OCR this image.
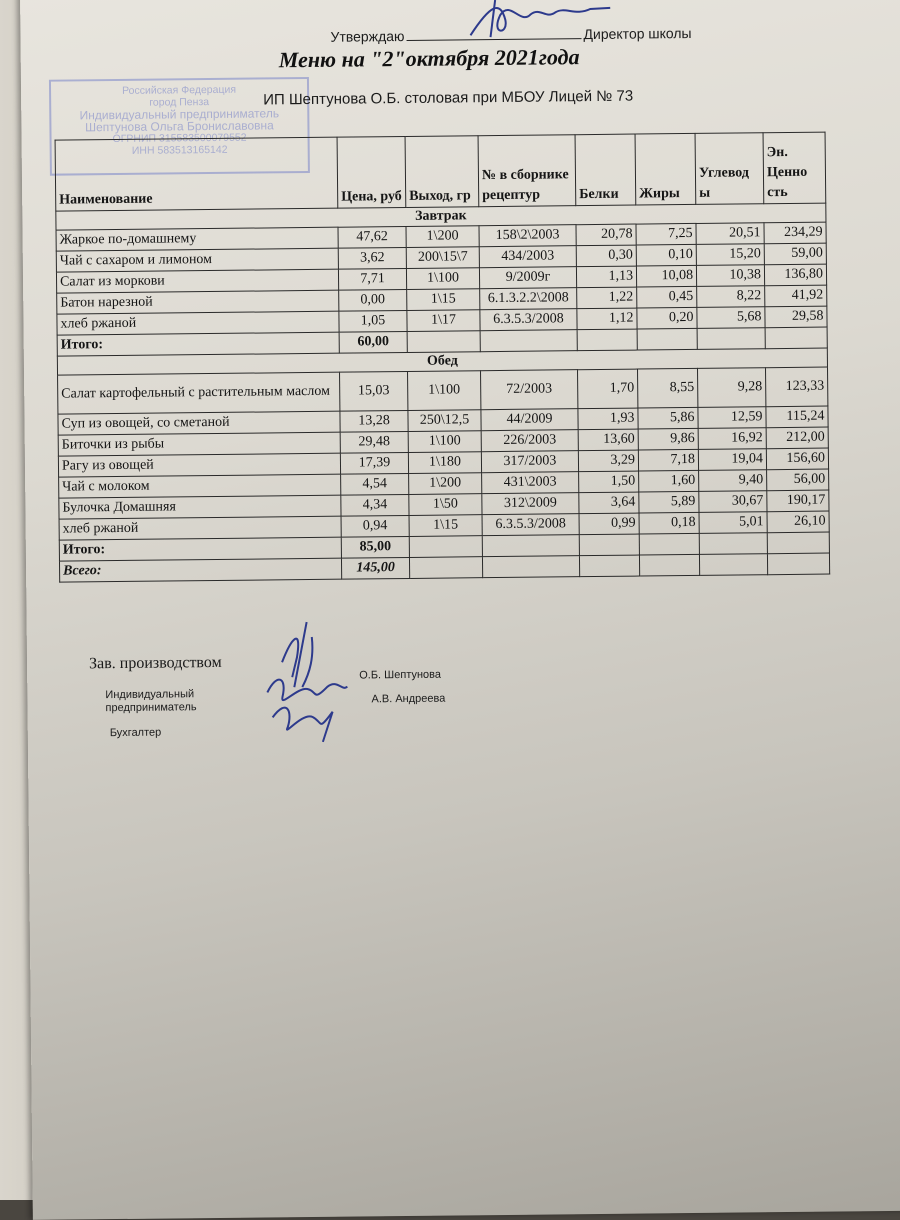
Утверждаю	Директор школы
Меню на "2"октября 2021года
Российская Федерация
город Пенза
Индивидуальный предприниматель
Шептунова Ольга Брониславовна
ОГРНИП 315583500079552
ИНН 583513165142
ИП Шептунова О.Б. столовая при МБОУ Лицей № 73
Наименование	Цена, руб	Выход, гр	№ в сборнике рецептур	Белки	Жиры	Углевод ы	Эн. Ценно сть
Завтрак							
Жаркое по-домашнему	47,62	1\200	158\2\2003	20,78	7,25	20,51	234,29
Чай с сахаром и лимоном	3,62	200\15\7	434/2003	0,30	0,10	15,20	59,00
Салат из моркови	7,71	1\100	9/2009г	1,13	10,08	10,38	136,80
Батон нарезной	0,00	1\15	6.1.3.2.2\2008	1,22	0,45	8,22	41,92
хлеб ржаной	1,05	1\17	6.3.5.3/2008	1,12	0,20	5,68	29,58
Итого:	60,00						
Обед							
Салат картофельный с растительным маслом	15,03	1\100	72/2003	1,70	8,55	9,28	123,33
Суп из овощей, со сметаной	13,28	250\12,5	44/2009	1,93	5,86	12,59	115,24
Биточки из рыбы	29,48	1\100	226/2003	13,60	9,86	16,92	212,00
Рагу из овощей	17,39	1\180	317/2003	3,29	7,18	19,04	156,60
Чай с молоком	4,54	1\200	431\2003	1,50	1,60	9,40	56,00
Булочка Домашняя	4,34	1\50	312\2009	3,64	5,89	30,67	190,17
хлеб ржаной	0,94	1\15	6.3.5.3/2008	0,99	0,18	5,01	26,10
Итого:	85,00						
Всего:	145,00						
Зав. производством
Индивидуальный предприниматель
Бухгалтер
О.Б. Шептунова
А.В. Андреева
